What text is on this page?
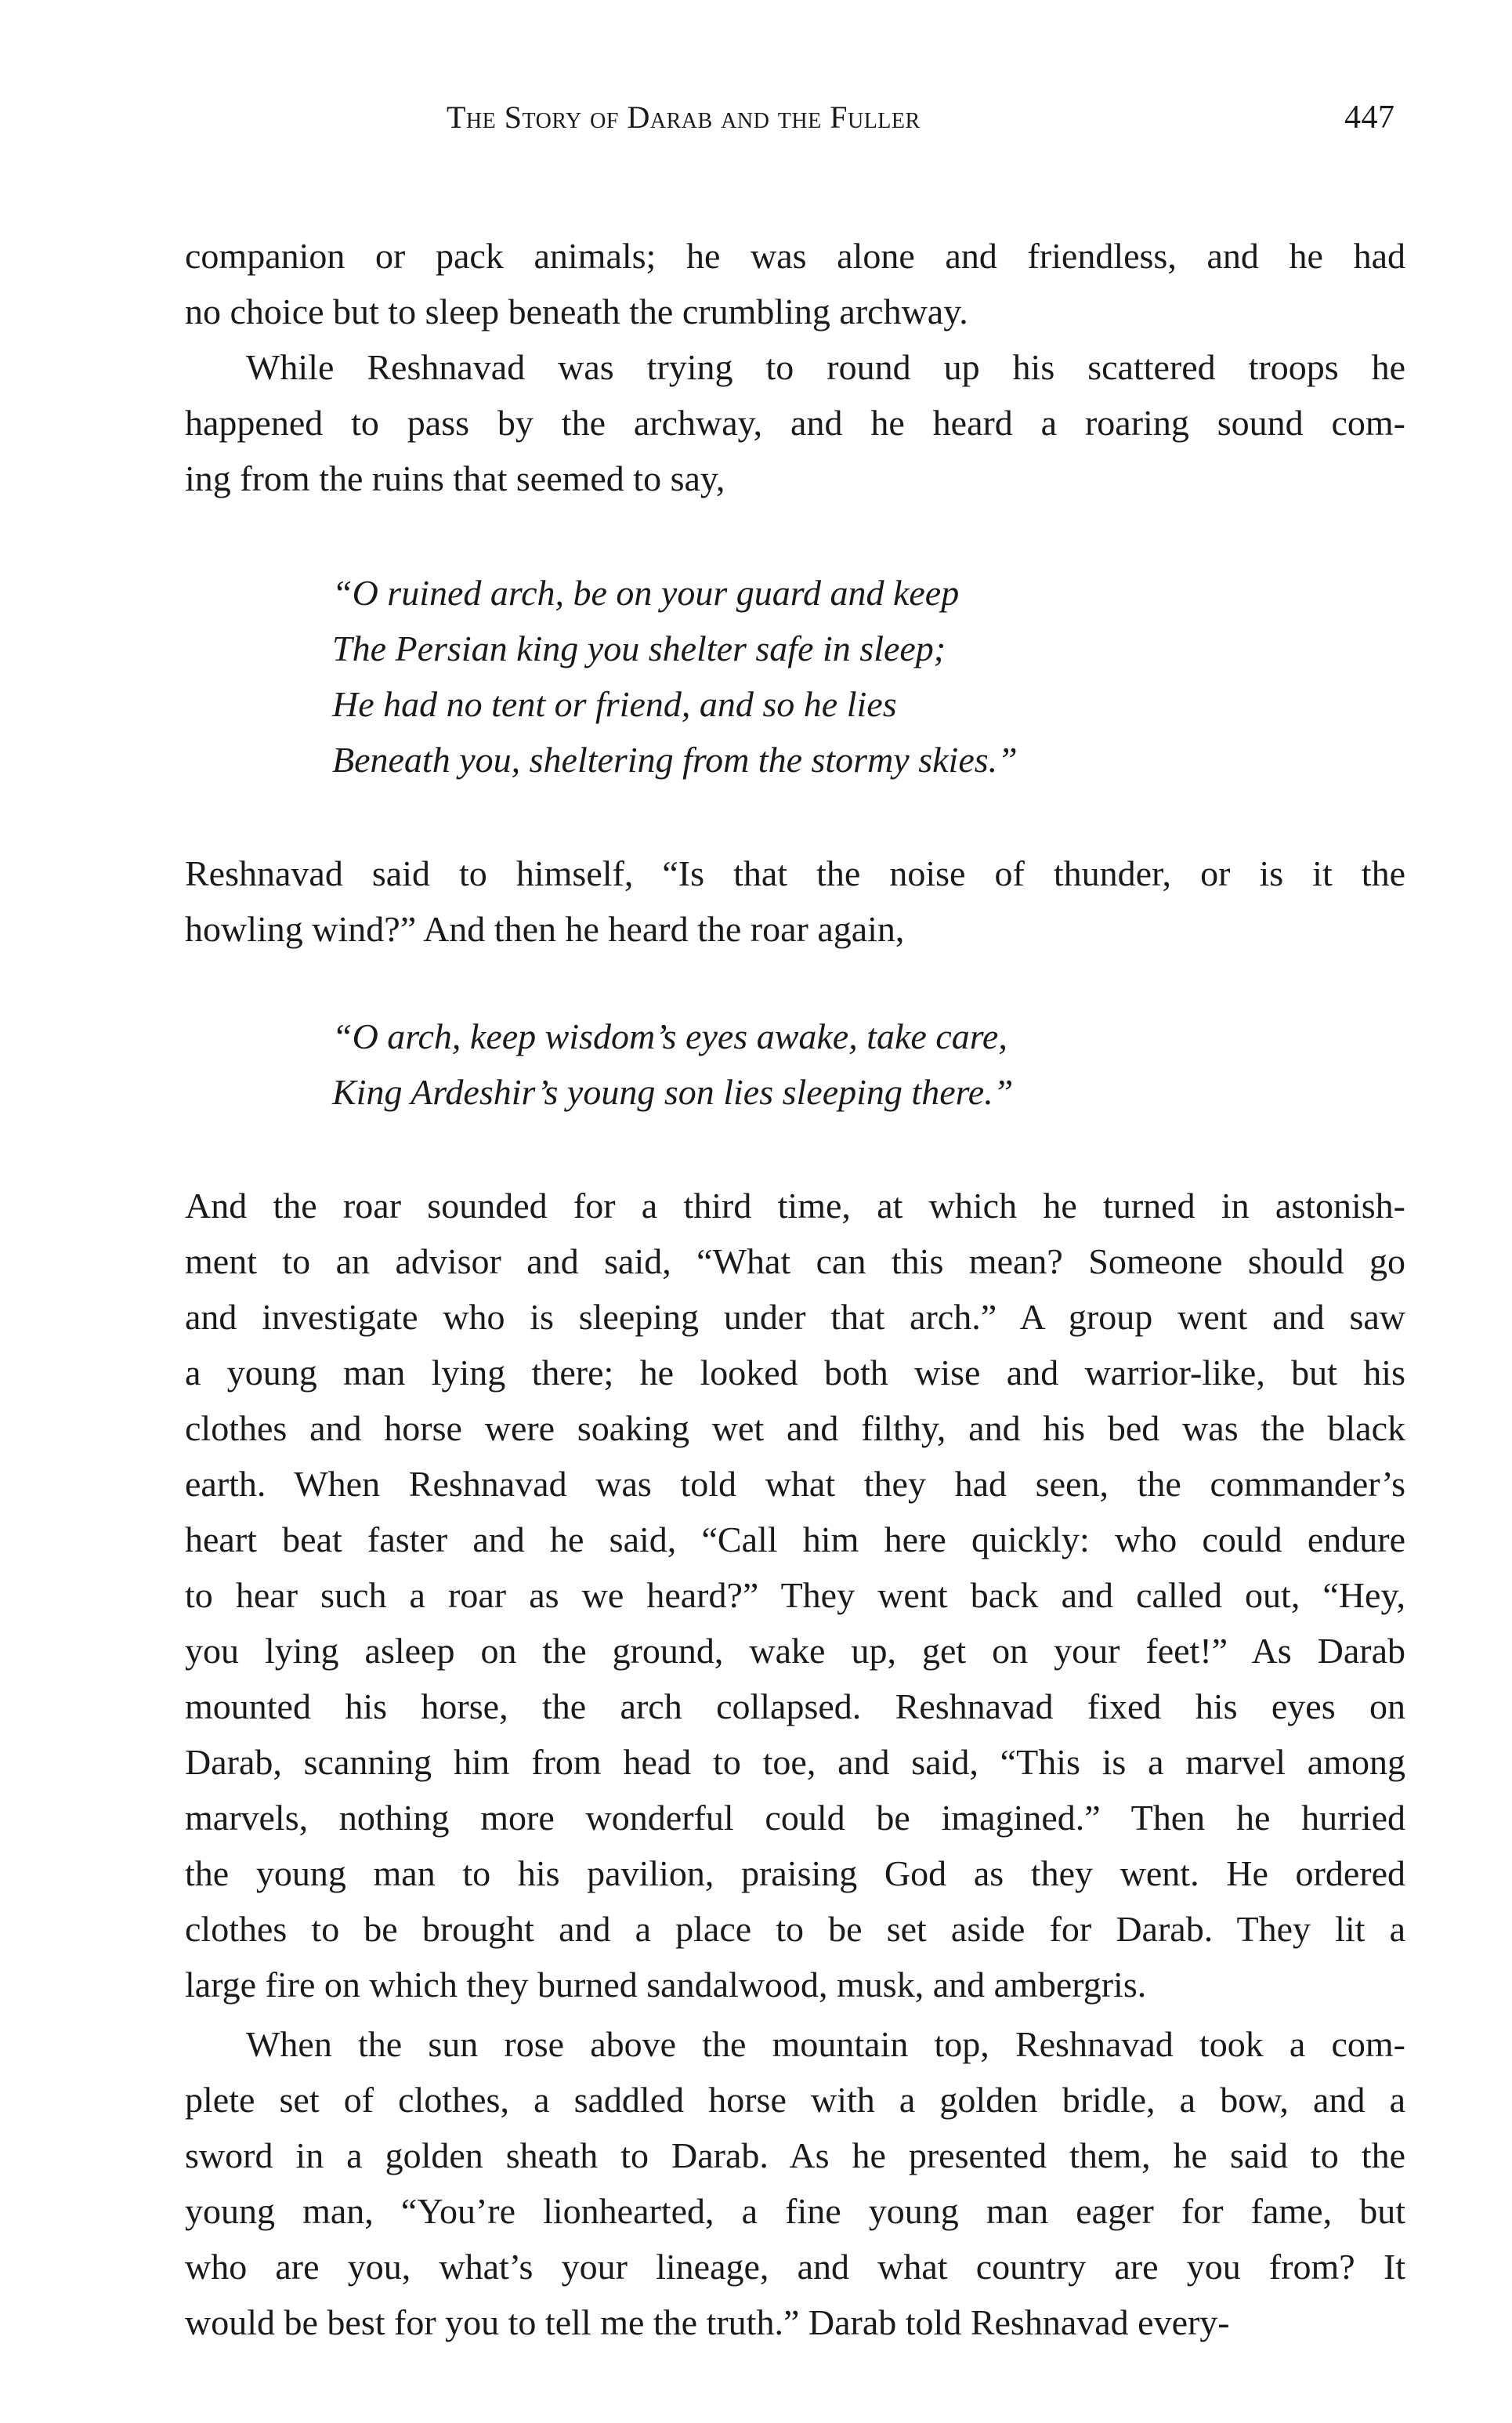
The Story of Darab and the Fuller	447
companion or pack animals; he was alone and friendless, and he had
no choice but to sleep beneath the crumbling archway.
While Reshnavad was trying to round up his scattered troops he
happened to pass by the archway, and he heard a roaring sound com-
ing from the ruins that seemed to say,
“O ruined arch, be on your guard and keep
The Persian king you shelter safe in sleep;
He had no tent or friend, and so he lies
Beneath you, sheltering from the stormy skies.”
Reshnavad said to himself, “Is that the noise of thunder, or is it the
howling wind?” And then he heard the roar again,
“O arch, keep wisdom’s eyes awake, take care,
King Ardeshir’s young son lies sleeping there.”
And the roar sounded for a third time, at which he turned in astonish-
ment to an advisor and said, “What can this mean? Someone should go
and investigate who is sleeping under that arch.” A group went and saw
a young man lying there; he looked both wise and warrior-like, but his
clothes and horse were soaking wet and filthy, and his bed was the black
earth. When Reshnavad was told what they had seen, the commander’s
heart beat faster and he said, “Call him here quickly: who could endure
to hear such a roar as we heard?” They went back and called out, “Hey,
you lying asleep on the ground, wake up, get on your feet!” As Darab
mounted his horse, the arch collapsed. Reshnavad fixed his eyes on
Darab, scanning him from head to toe, and said, “This is a marvel among
marvels, nothing more wonderful could be imagined.” Then he hurried
the young man to his pavilion, praising God as they went. He ordered
clothes to be brought and a place to be set aside for Darab. They lit a
large fire on which they burned sandalwood, musk, and ambergris.
When the sun rose above the mountain top, Reshnavad took a com-
plete set of clothes, a saddled horse with a golden bridle, a bow, and a
sword in a golden sheath to Darab. As he presented them, he said to the
young man, “You’re lionhearted, a fine young man eager for fame, but
who are you, what’s your lineage, and what country are you from? It
would be best for you to tell me the truth.” Darab told Reshnavad every-
